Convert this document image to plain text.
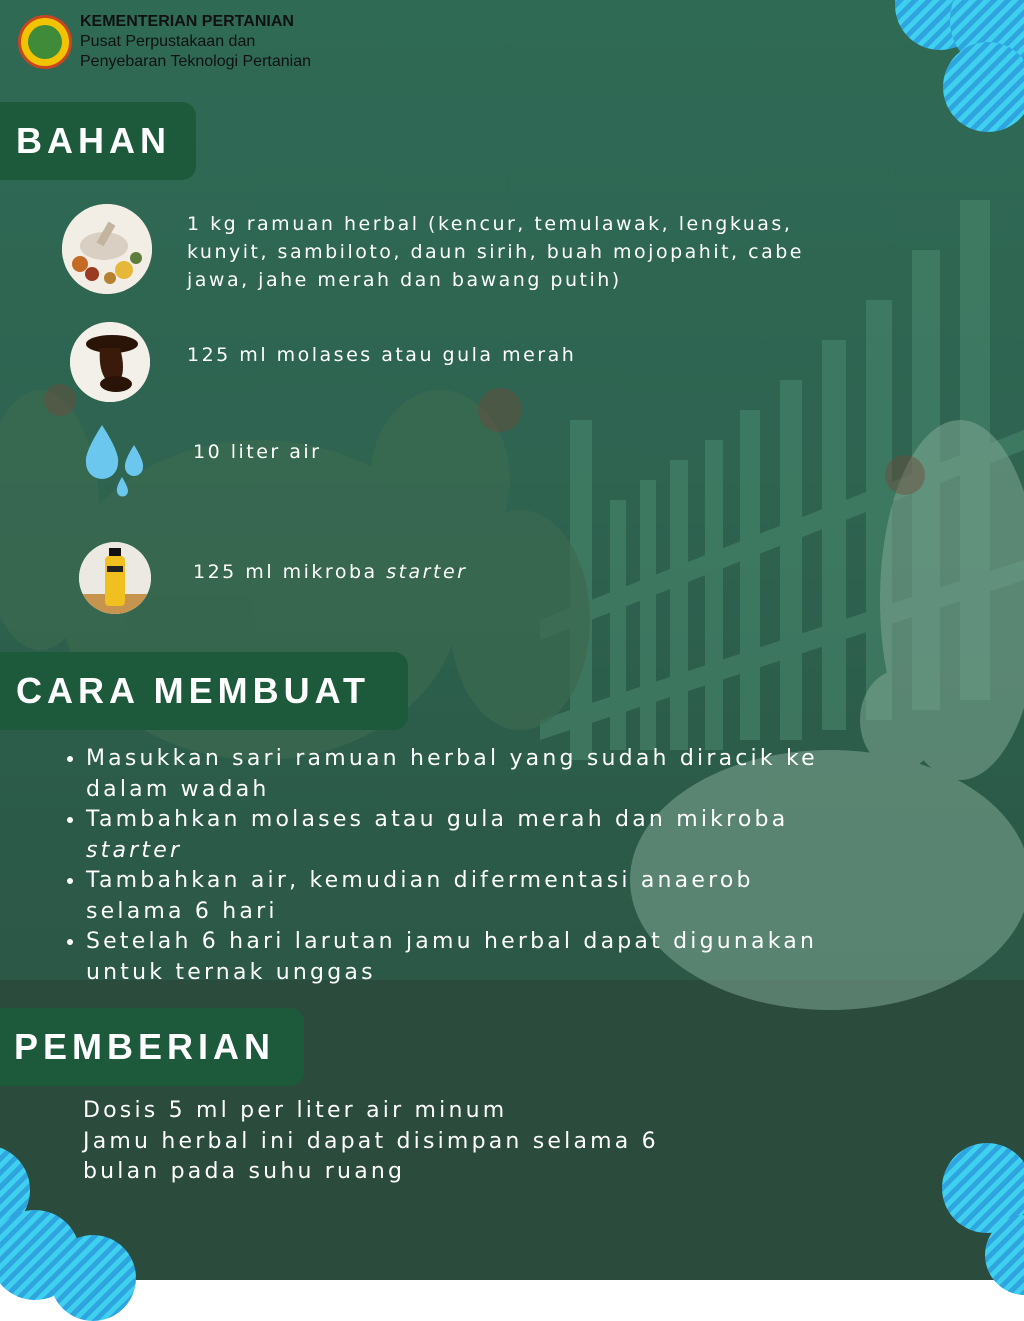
KEMENTERIAN PERTANIAN
Pusat Perpustakaan dan
Penyebaran Teknologi Pertanian
BAHAN
1 kg ramuan herbal (kencur, temulawak, lengkuas, kunyit, sambiloto, daun sirih, buah mojopahit, cabe jawa, jahe merah dan bawang putih)
125 ml molases atau gula merah
10 liter air
125 ml mikroba starter
CARA MEMBUAT
• Masukkan sari ramuan herbal yang sudah diracik ke dalam wadah
• Tambahkan molases atau gula merah dan mikroba starter
• Tambahkan air, kemudian difermentasi anaerob selama 6 hari
• Setelah 6 hari larutan jamu herbal dapat digunakan untuk ternak unggas
PEMBERIAN
Dosis 5 ml per liter air minum
Jamu herbal ini dapat disimpan selama 6
bulan pada suhu ruang
